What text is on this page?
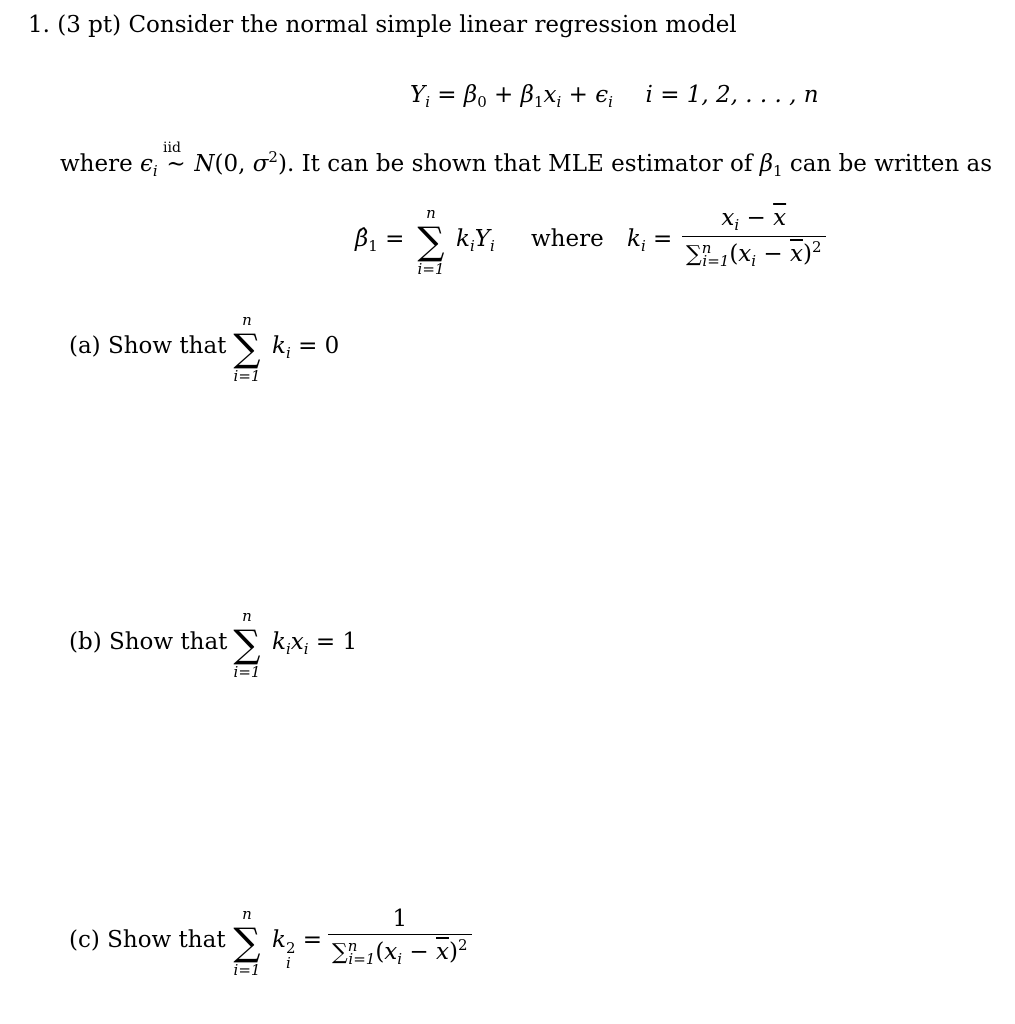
1. (3 pt) Consider the normal simple linear regression model
$Y_i = \beta_0 + \beta_1x_i + \epsilon_i$ i = 1, 2, . . . , n
where $\epsilon_i$
iid
∼ N(0, $\sigma^2$). It can be shown that MLE estimator of $\beta_1$ can be written as
$\betâ_1$ =
n
∑
i=1
$k_iY_i$ where $k_i = \frac{x_i - \overline{x}}{\sum^n_{i=1}(x_i - \overline{x})^2}$
(a) Show that
n
∑
i=1
$k_i = 0$
(b) Show that
n
∑
i=1
$k_ix_i = 1$
(c) Show that
n
∑
i=1
k 2
i
= $\frac{1}{\sum^n_{i=1}(x_i - \overline{x})^2}$
